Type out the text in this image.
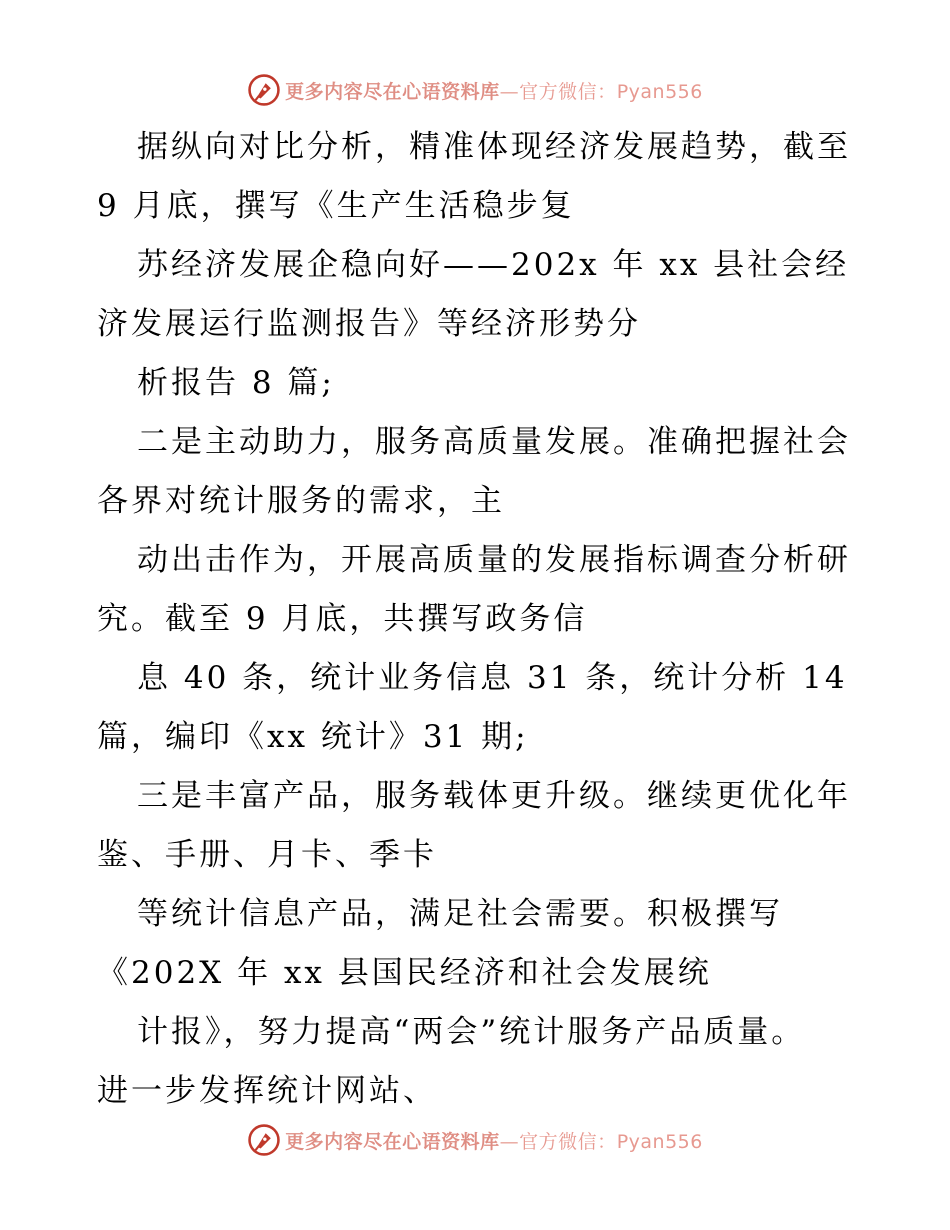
更多内容尽在心语资料库—官方微信：Pyan556
据纵向对比分析，精准体现经济发展趋势，截至
9 月底，撰写《生产生活稳步复
苏经济发展企稳向好——202x 年 xx 县社会经
济发展运行监测报告》等经济形势分
析报告 8 篇;
二是主动助力，服务高质量发展。准确把握社会
各界对统计服务的需求，主
动出击作为，开展高质量的发展指标调查分析研
究。截至 9 月底，共撰写政务信
息 40 条，统计业务信息 31 条，统计分析 14
篇，编印《xx 统计》31 期;
三是丰富产品，服务载体更升级。继续更优化年
鉴、手册、月卡、季卡
等统计信息产品，满足社会需要。积极撰写
《202X 年 xx 县国民经济和社会发展统
计报》，努力提高“两会”统计服务产品质量。
进一步发挥统计网站、
更多内容尽在心语资料库—官方微信：Pyan556
